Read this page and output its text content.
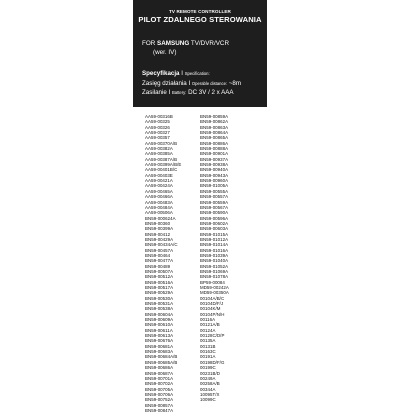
TV REMOTE CONTROLLER
PILOT ZDALNEGO STEROWANIA
FOR SAMSUNG TV/DVR/VCR
(wer. IV)
Specyfikacja I Specification:
Zasięg działania I Operable distance: ~8m
Zasilanie I Battery: DC 3V / 2 x AAA
AA59-00316B
AA59-00325
AA59-00326
AA59-00327
AA59-00357
AA59-00370A/B
AA59-00382A
AA59-00385A
AA59-00387A/B
AA59-00399A/B/E
AA59-00401B/C
AA59-00403E
AA59-00421A
AA59-00424A
AA59-00465A
AA59-00466A
AA59-00483A
AA59-00484A
AA59-00506A
BN59-000624A
BN59-00360
BN59-00399A
BN59-00412
BN59-00429A
BN59-00434A/C
BN59-00457A
BN59-00464
BN59-00477A
BN59-00489
BN59-00507A
BN59-00512A
BN59-00516A
BN59-00517A
BN59-00529A
BN59-00530A
BN59-00531A
BN59-00538A
BN59-00604A
BN59-00609A
BN59-00610A
BN59-00611A
BN59-00613A
BN59-00676A
BN59-00681A
BN59-00683A
BN59-00684A/B
BN59-00685A/B
BN59-00686A
BN59-00687A
BN59-00701A
BN59-00702A
BN59-00705A
BN59-00706A
BN59-00752A
BN59-00857A
BN59-00847A
BN59-00859A
BN59-00862A
BN59-00863A
BN59-00864A
BN59-00865A
BN59-00886A
BN59-00888A
BN59-00901A
BN59-00937A
BN59-00938A
BN59-00940A
BN59-00943A
BN59-00960A
BN59-01005A
BN59-00555A
BN59-00557A
BN59-00559A
BN59-00567A
BN59-00590A
BN59-00596A
BN59-00602A
BN59-00603A
BN59-01015A
BN59-01012A
BN59-01014A
BN59-01016A
BN59-01039A
BN59-01040A
BN59-01052A
BN59-01069A
BN59-01078A
BP59-00084
MD59-00242A
MD59-00350A
00104A/B/C
00104D/F/J
00104K/M
00104P/N/H
00116A
00121A/B
00124A
00128C/D/P
00135A
00131B
00163C
00191A
00198D/F/G
00199C
00231B/D
00249A
00258A/B
00344A
10095T/X
10099C
